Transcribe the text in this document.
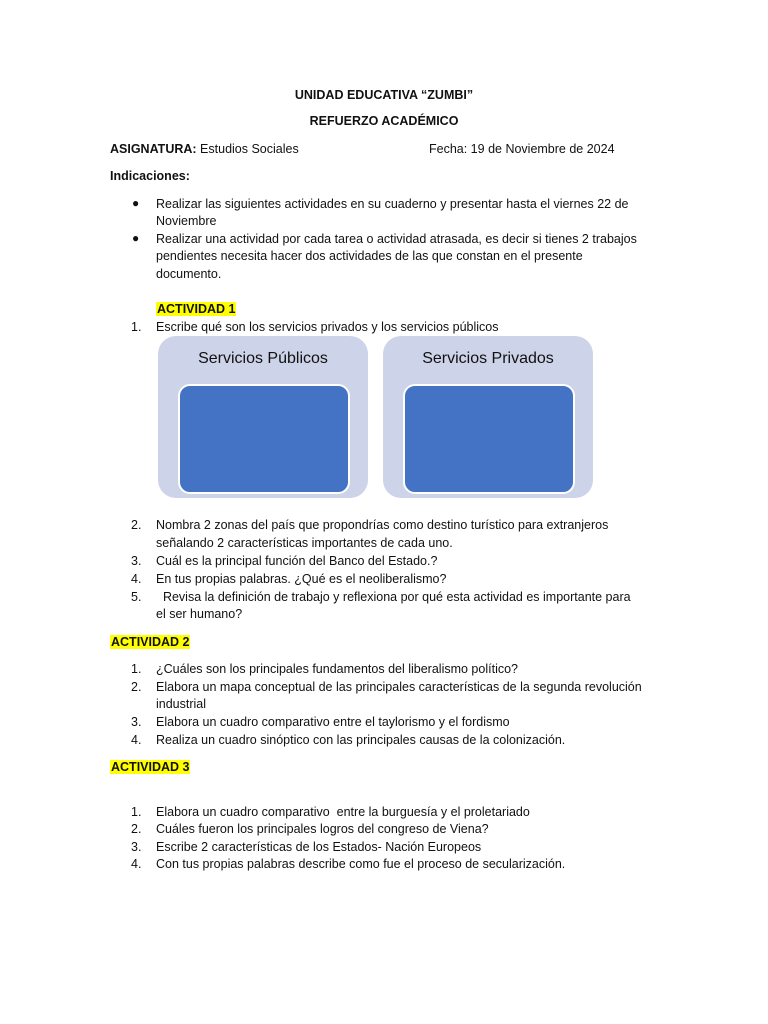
UNIDAD EDUCATIVA “ZUMBI”
REFUERZO ACADÉMICO
ASIGNATURA: Estudios Sociales	Fecha: 19 de Noviembre de 2024
Indicaciones:
● Realizar las siguientes actividades en su cuaderno y presentar hasta el viernes 22 de
Noviembre
● Realizar una actividad por cada tarea o actividad atrasada, es decir si tienes 2 trabajos
pendientes necesita hacer dos actividades de las que constan en el presente
documento.
ACTIVIDAD 1
1. Escribe qué son los servicios privados y los servicios públicos
Servicios Públicos	Servicios Privados
2. Nombra 2 zonas del país que propondrías como destino turístico para extranjeros
señalando 2 características importantes de cada uno.
3. Cuál es la principal función del Banco del Estado.?
4. En tus propias palabras. ¿Qué es el neoliberalismo?
5. Revisa la definición de trabajo y reflexiona por qué esta actividad es importante para
el ser humano?
ACTIVIDAD 2
1. ¿Cuáles son los principales fundamentos del liberalismo político?
2. Elabora un mapa conceptual de las principales características de la segunda revolución
industrial
3. Elabora un cuadro comparativo entre el taylorismo y el fordismo
4. Realiza un cuadro sinóptico con las principales causas de la colonización.
ACTIVIDAD 3
1. Elabora un cuadro comparativo  entre la burguesía y el proletariado
2. Cuáles fueron los principales logros del congreso de Viena?
3. Escribe 2 características de los Estados- Nación Europeos
4. Con tus propias palabras describe como fue el proceso de secularización.
